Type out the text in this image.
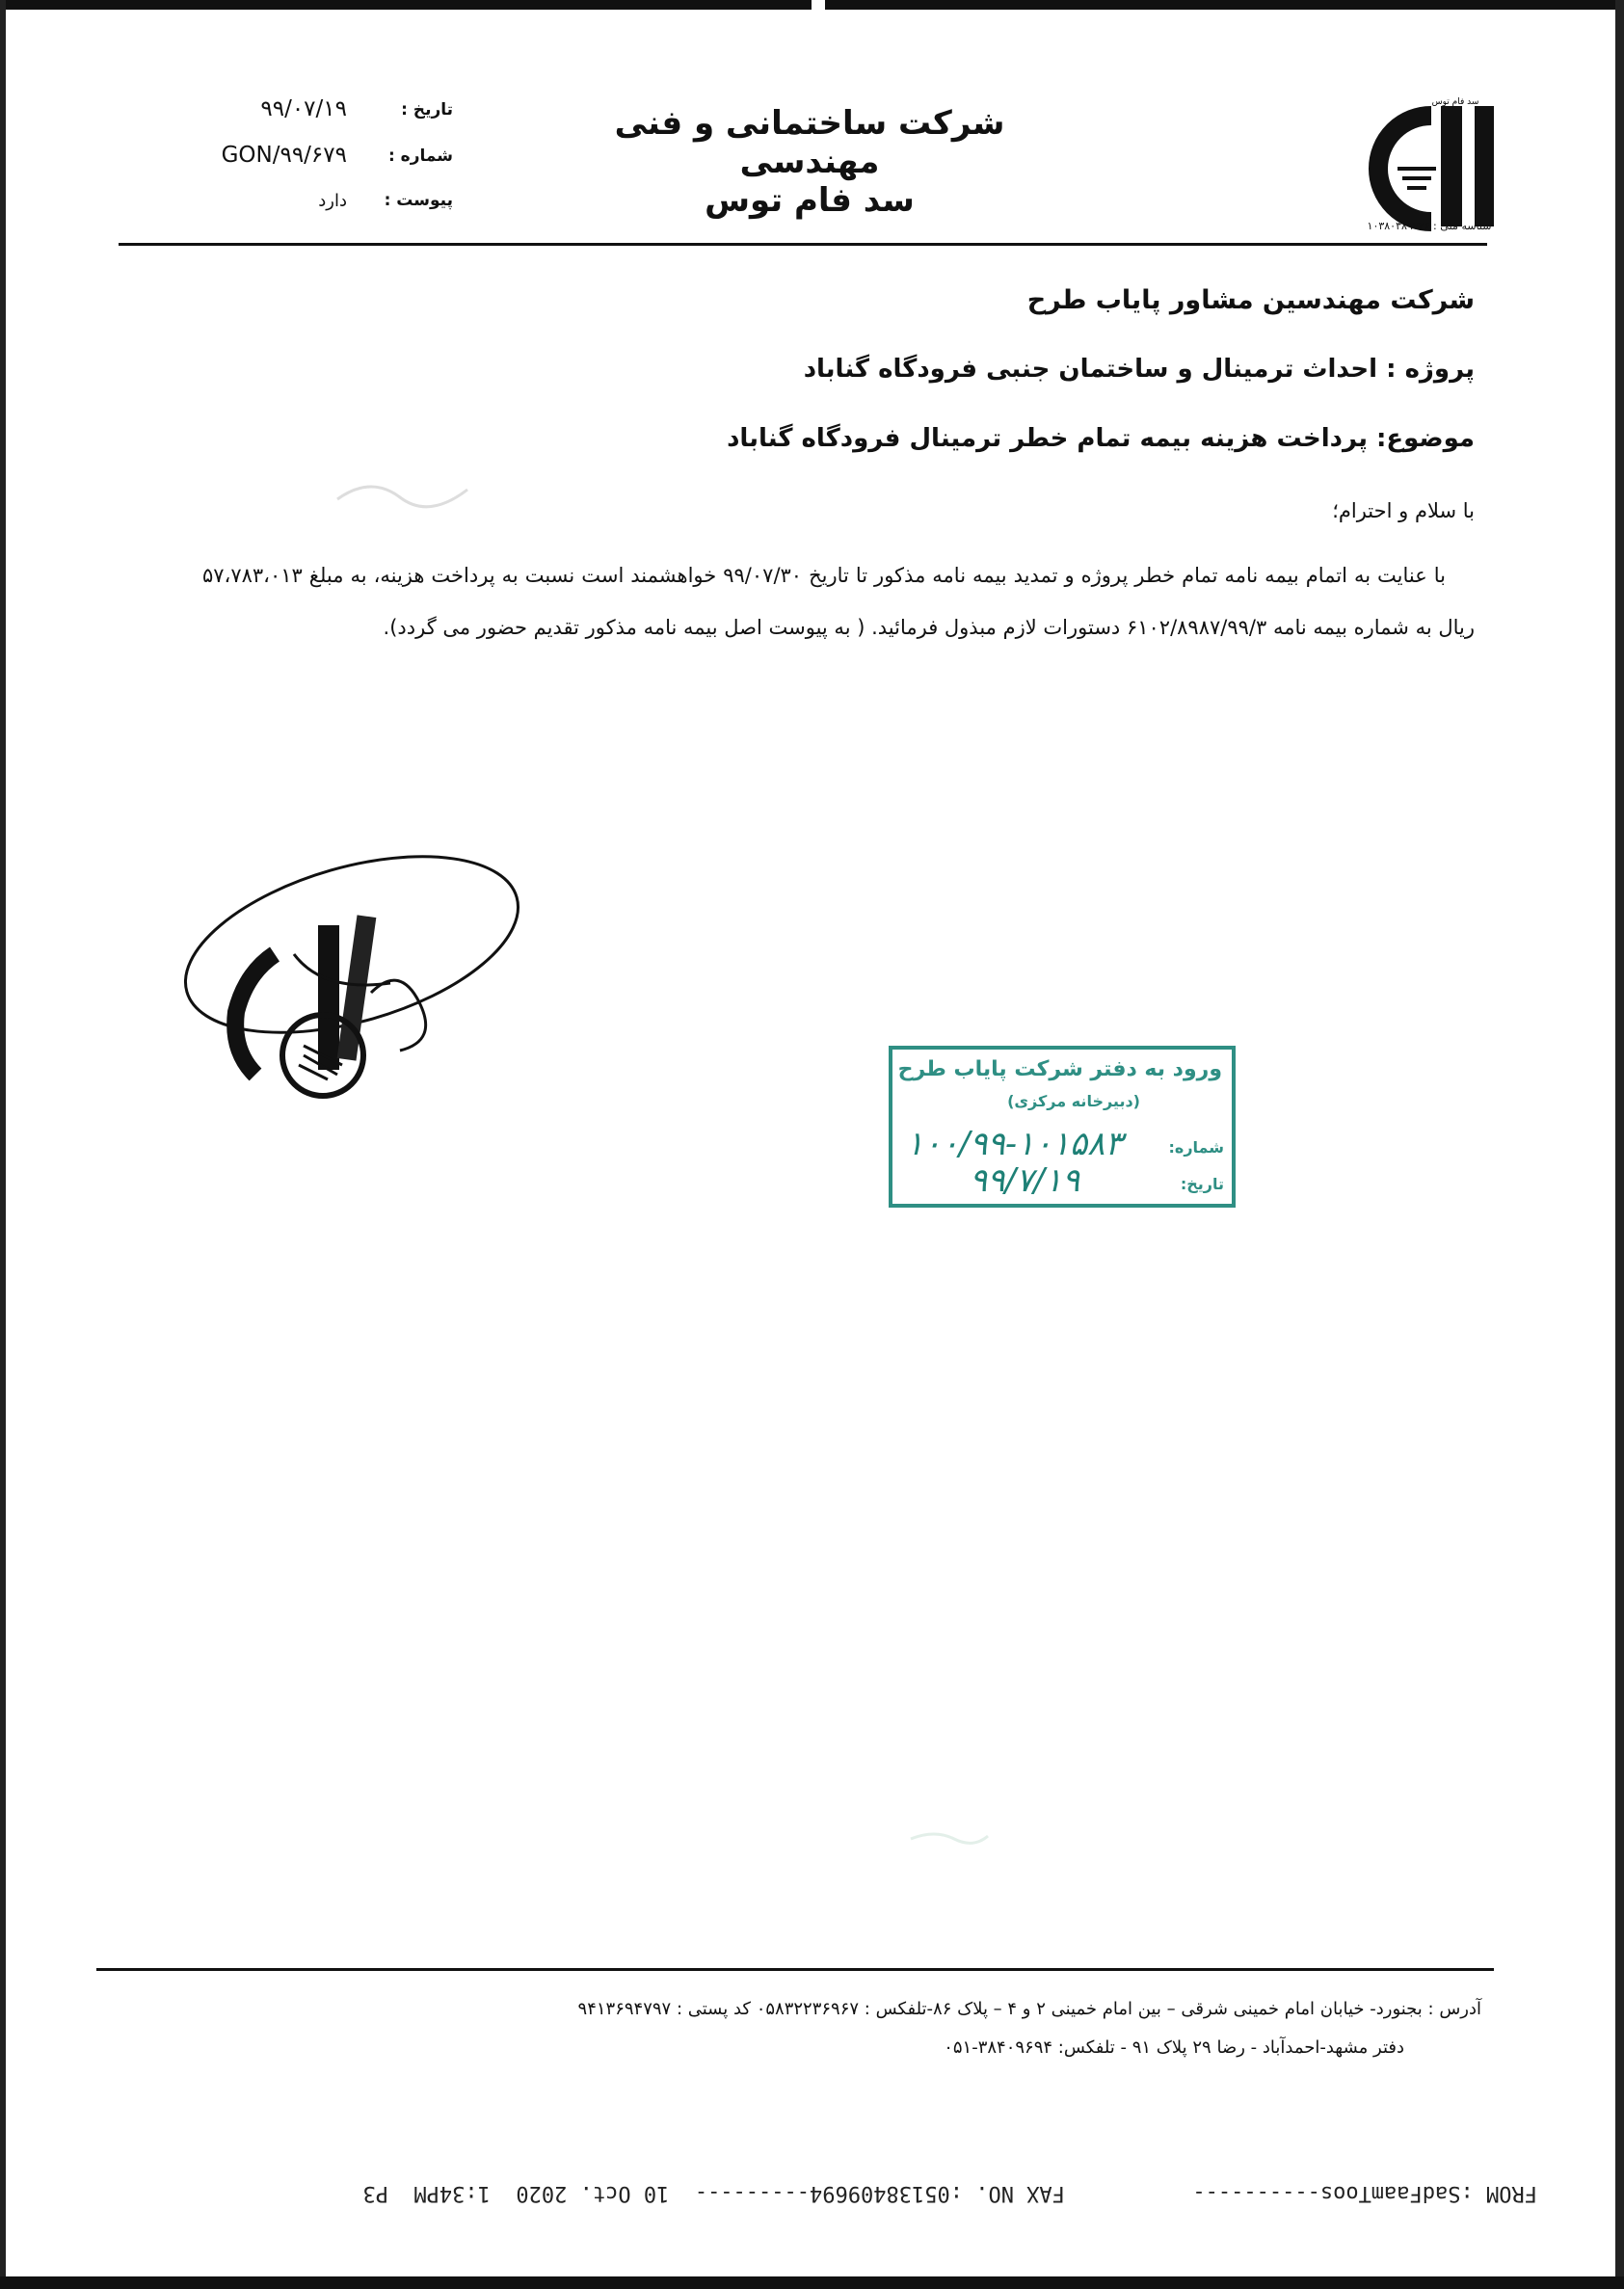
سد فام توس
شناسه ملی : ۱۰۳۸۰۳۸۹۷۲۶
شرکت ساختمانی و فنی مهندسی
سد فام توس
تاریخ :
۹۹/۰۷/۱۹
شماره :
GON/۹۹/۶۷۹
پیوست :
دارد
شرکت مهندسین مشاور پایاب طرح
پروژه : احداث ترمینال و ساختمان جنبی فرودگاه گناباد
موضوع: پرداخت هزینه بیمه تمام خطر ترمینال فرودگاه گناباد
با سلام و احترام؛
با عنایت به اتمام بیمه نامه تمام خطر پروژه و تمدید بیمه نامه مذکور تا تاریخ ۹۹/۰۷/۳۰ خواهشمند است نسبت به پرداخت هزینه، به مبلغ ۵۷،۷۸۳،۰۱۳ ریال به شماره بیمه نامه ۶۱۰۲/۸۹۸۷/۹۹/۳ دستورات لازم مبذول فرمائید. ( به پیوست اصل بیمه نامه مذکور تقدیم حضور می گردد).
ورود به دفتر شرکت پایاب طرح
(دبیرخانه مرکزی)
شماره:
۱۰۰/۹۹-۱۰۱۵۸۳
تاریخ:
۹۹/۷/۱۹
آدرس : بجنورد- خیابان امام خمینی شرقی – بین امام خمینی ۲ و ۴ – پلاک ۸۶-تلفکس : ۰۵۸۳۲۲۳۶۹۶۷ کد پستی : ۹۴۱۳۶۹۴۷۹۷
دفتر مشهد-احمدآباد - رضا ۲۹ پلاک ۹۱ - تلفکس: ۳۸۴۰۹۶۹۴-۰۵۱
FROM :SadFaamToos----------          FAX NO. :05138409694---------  10 Oct. 2020  1:34PM  P3
